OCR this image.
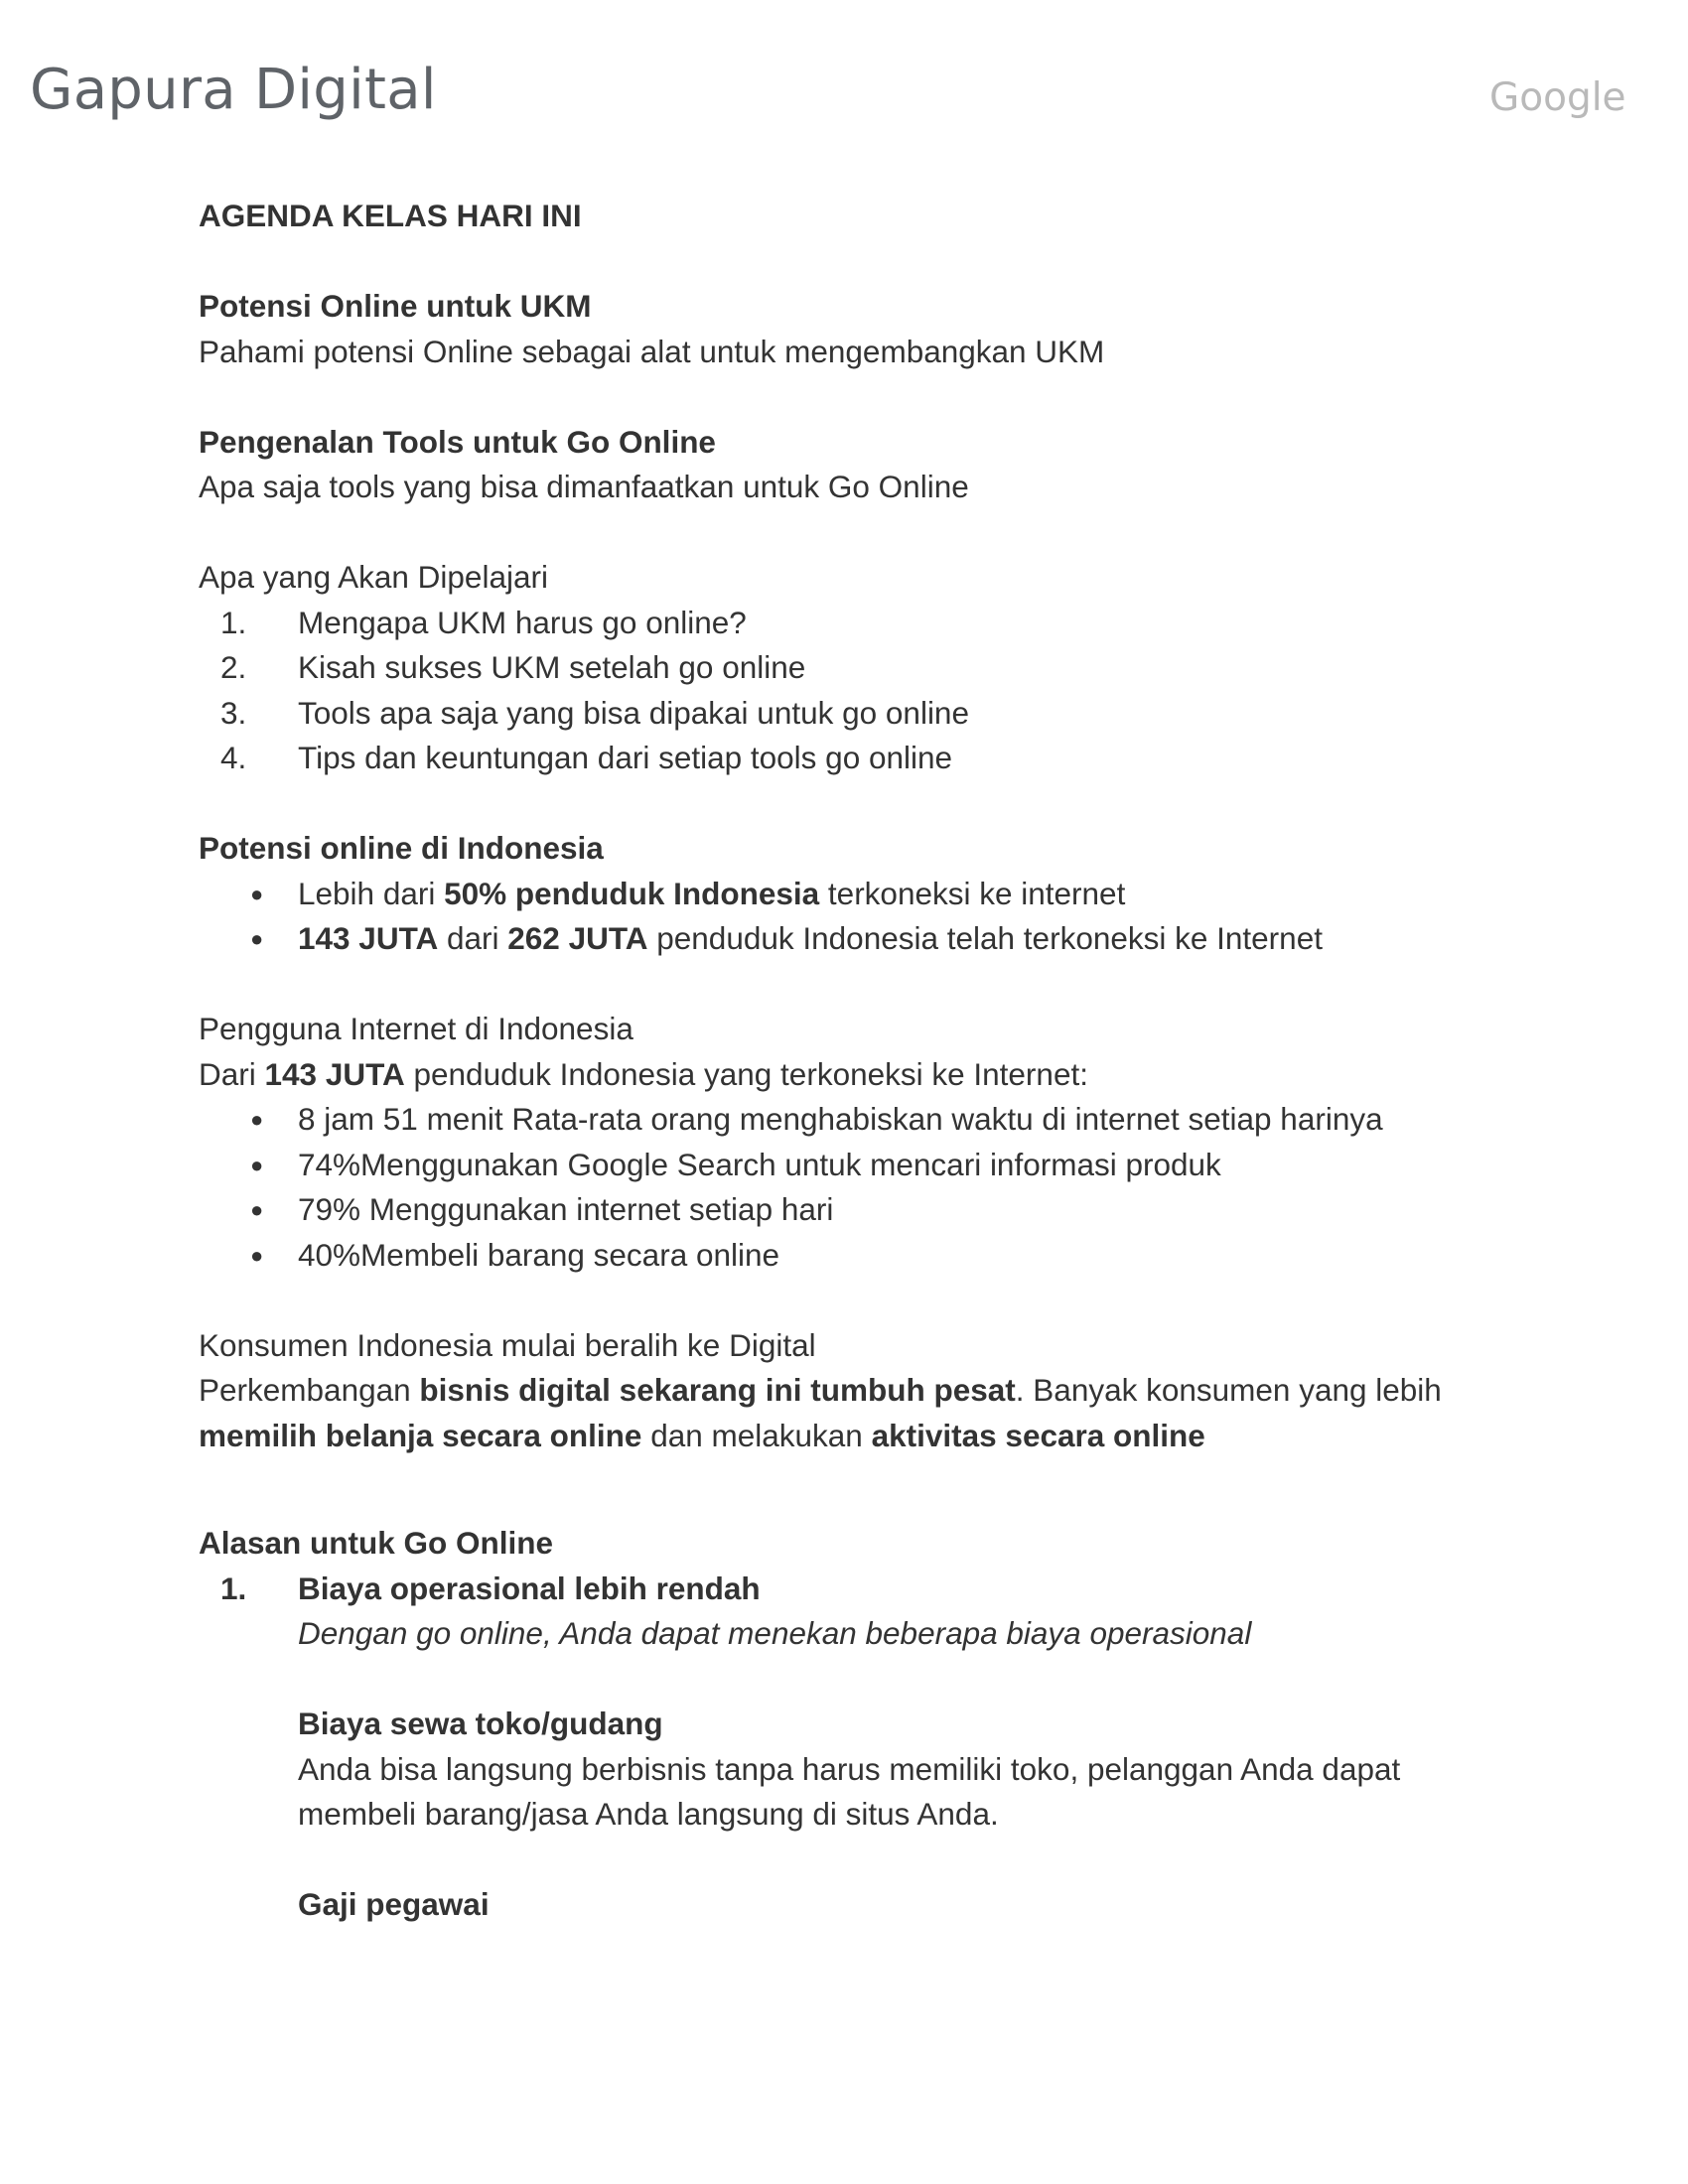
Gapura Digital	Google

AGENDA KELAS HARI INI

Potensi Online untuk UKM

Pahami potensi Online sebagai alat untuk mengembangkan UKM

Pengenalan Tools untuk Go Online

Apa saja tools yang bisa dimanfaatkan untuk Go Online

Apa yang Akan Dipelajari

1. Mengapa UKM harus go online?
2. Kisah sukses UKM setelah go online
3. Tools apa saja yang bisa dipakai untuk go online
4. Tips dan keuntungan dari setiap tools go online

Potensi online di Indonesia

● Lebih dari 50% penduduk Indonesia terkoneksi ke internet
● 143 JUTA dari 262 JUTA penduduk Indonesia telah terkoneksi ke Internet

Pengguna Internet di Indonesia

Dari 143 JUTA penduduk Indonesia yang terkoneksi ke Internet:

● 8 jam 51 menit Rata-rata orang menghabiskan waktu di internet setiap harinya
● 74%Menggunakan Google Search untuk mencari informasi produk
● 79% Menggunakan internet setiap hari
● 40%Membeli barang secara online

Konsumen Indonesia mulai beralih ke Digital

Perkembangan bisnis digital sekarang ini tumbuh pesat. Banyak konsumen yang lebih
memilih belanja secara online dan melakukan aktivitas secara online

Alasan untuk Go Online

1. Biaya operasional lebih rendah

Dengan go online, Anda dapat menekan beberapa biaya operasional

Biaya sewa toko/gudang

Anda bisa langsung berbisnis tanpa harus memiliki toko, pelanggan Anda dapat

membeli barang/jasa Anda langsung di situs Anda.

Gaji pegawai
